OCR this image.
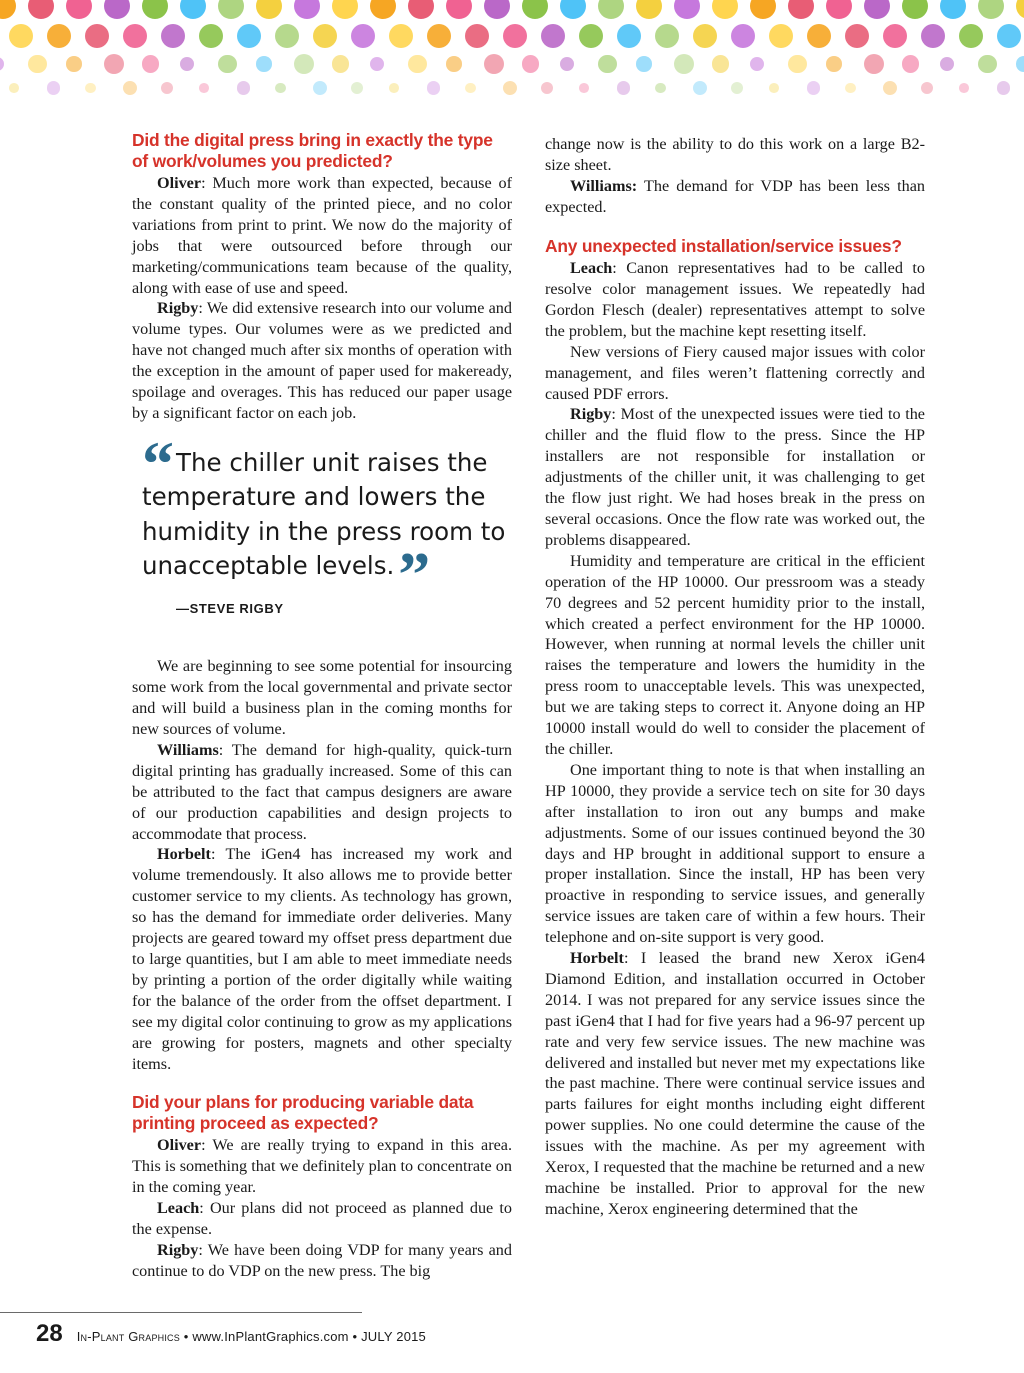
Did the digital press bring in exactly the type of work/volumes you predicted?

Oliver: Much more work than expected, because of the constant quality of the printed piece, and no color variations from print to print. We now do the majority of jobs that were outsourced before through our marketing/communications team because of the quality, along with ease of use and speed.

Rigby: We did extensive research into our volume and volume types. Our volumes were as we predicted and have not changed much after six months of operation with the exception in the amount of paper used for makeready, spoilage and overages. This has reduced our paper usage by a significant factor on each job.

“The chiller unit raises the temperature and lowers the humidity in the press room to unacceptable levels.”
—STEVE RIGBY

We are beginning to see some potential for insourcing some work from the local governmental and private sector and will build a business plan in the coming months for new sources of volume.

Williams: The demand for high-quality, quick-turn digital printing has gradually increased. Some of this can be attributed to the fact that campus designers are aware of our production capabilities and design projects to accommodate that process.

Horbelt: The iGen4 has increased my work and volume tremendously. It also allows me to provide better customer service to my clients. As technology has grown, so has the demand for immediate order deliveries. Many projects are geared toward my offset press department due to large quantities, but I am able to meet immediate needs by printing a portion of the order digitally while waiting for the balance of the order from the offset department. I see my digital color continuing to grow as my applications are growing for posters, magnets and other specialty items.

Did your plans for producing variable data printing proceed as expected?

Oliver: We are really trying to expand in this area. This is something that we definitely plan to concentrate on in the coming year.

Leach: Our plans did not proceed as planned due to the expense.

Rigby: We have been doing VDP for many years and continue to do VDP on the new press. The big

change now is the ability to do this work on a large B2-size sheet.

Williams: The demand for VDP has been less than expected.

Any unexpected installation/service issues?

Leach: Canon representatives had to be called to resolve color management issues. We repeatedly had Gordon Flesch (dealer) representatives attempt to solve the problem, but the machine kept resetting itself.

New versions of Fiery caused major issues with color management, and files weren’t flattening correctly and caused PDF errors.

Rigby: Most of the unexpected issues were tied to the chiller and the fluid flow to the press. Since the HP installers are not responsible for installation or adjustments of the chiller unit, it was challenging to get the flow just right. We had hoses break in the press on several occasions. Once the flow rate was worked out, the problems disappeared.

Humidity and temperature are critical in the efficient operation of the HP 10000. Our pressroom was a steady 70 degrees and 52 percent humidity prior to the install, which created a perfect environment for the HP 10000. However, when running at normal levels the chiller unit raises the temperature and lowers the humidity in the press room to unacceptable levels. This was unexpected, but we are taking steps to correct it. Anyone doing an HP 10000 install would do well to consider the placement of the chiller.

One important thing to note is that when installing an HP 10000, they provide a service tech on site for 30 days after installation to iron out any bumps and make adjustments. Some of our issues continued beyond the 30 days and HP brought in additional support to ensure a proper installation. Since the install, HP has been very proactive in responding to service issues, and generally service issues are taken care of within a few hours. Their telephone and on-site support is very good.

Horbelt: I leased the brand new Xerox iGen4 Diamond Edition, and installation occurred in October 2014. I was not prepared for any service issues since the past iGen4 that I had for five years had a 96-97 percent up rate and very few service issues. The new machine was delivered and installed but never met my expectations like the past machine. There were continual service issues and parts failures for eight months including eight different power supplies. No one could determine the cause of the issues with the machine. As per my agreement with Xerox, I requested that the machine be returned and a new machine be installed. Prior to approval for the new machine, Xerox engineering determined that the

28 In-Plant Graphics • www.InPlantGraphics.com • JULY 2015
